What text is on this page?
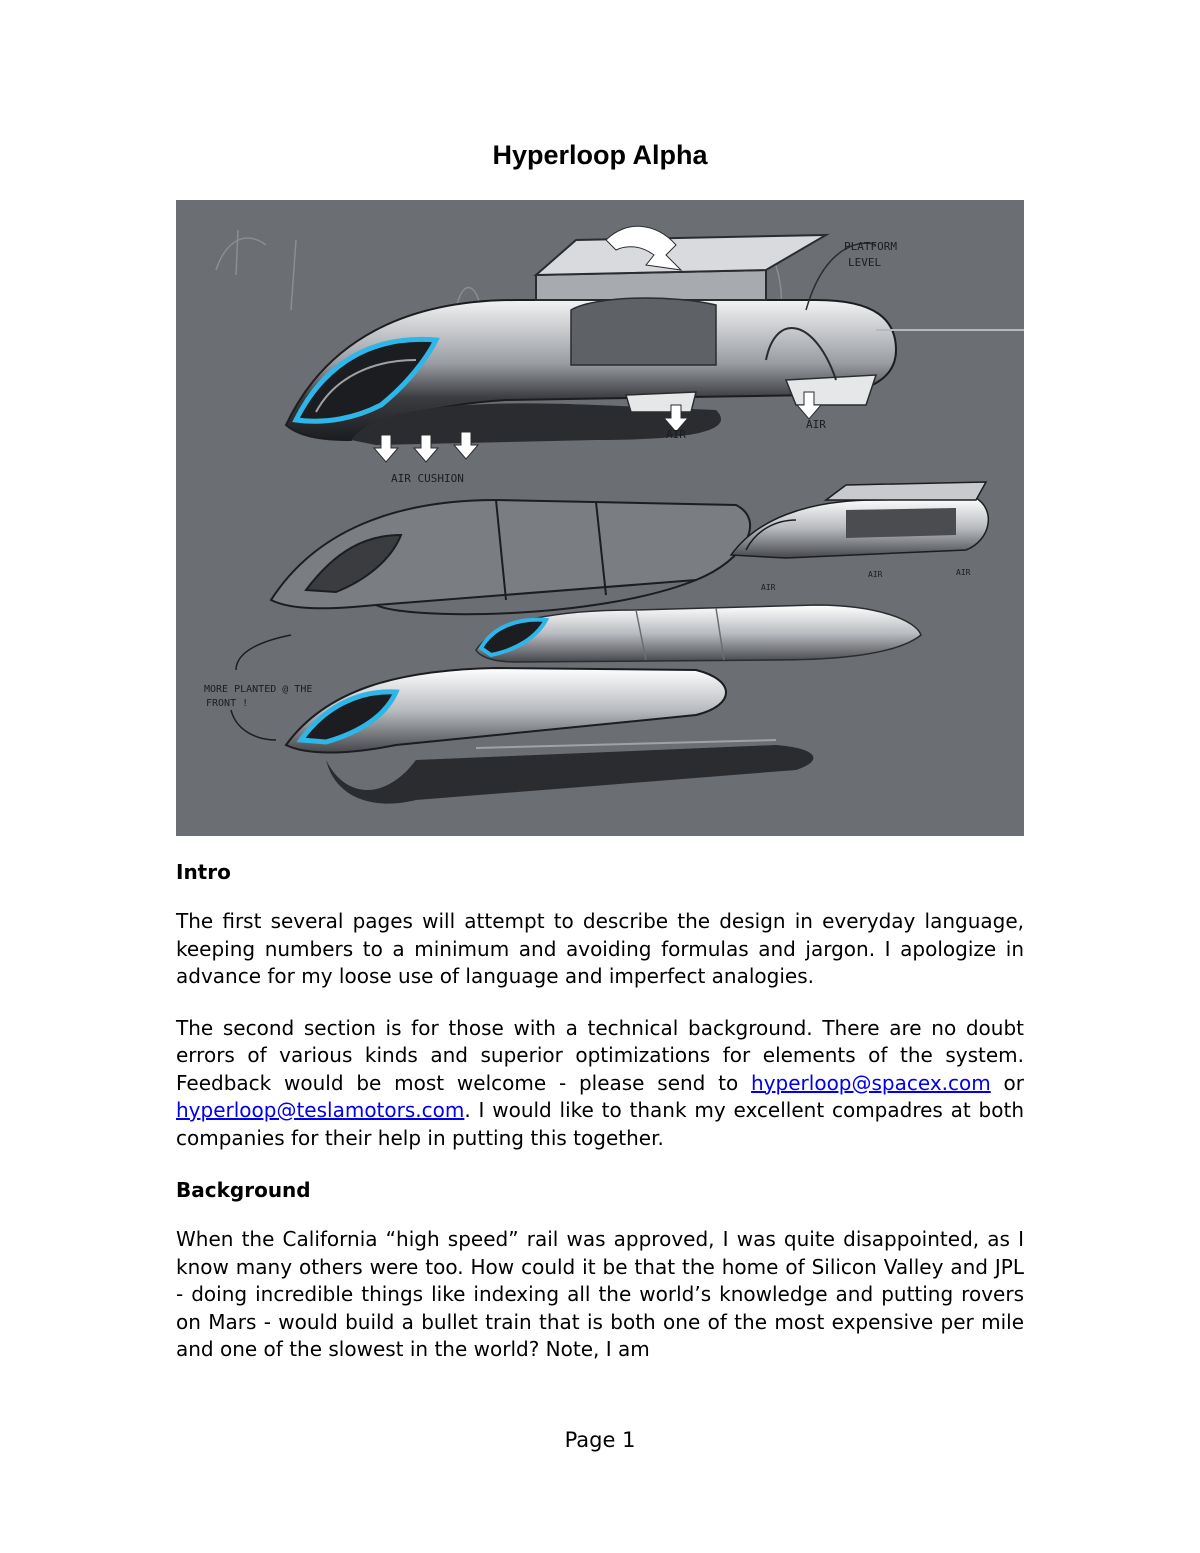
Hyperloop Alpha
PLATFORM
LEVEL
AIR CUSHION
AIR
AIR
AIR
AIR	AIR
MORE PLANTED @ THE
FRONT !
Intro

The first several pages will attempt to describe the design in everyday language, keeping numbers to a minimum and avoiding formulas and jargon. I apologize in advance for my loose use of language and imperfect analogies.

The second section is for those with a technical background. There are no doubt errors of various kinds and superior optimizations for elements of the system. Feedback would be most welcome - please send to hyperloop@spacex.com or hyperloop@teslamotors.com. I would like to thank my excellent compadres at both companies for their help in putting this together.

Background

When the California “high speed” rail was approved, I was quite disappointed, as I know many others were too. How could it be that the home of Silicon Valley and JPL - doing incredible things like indexing all the world’s knowledge and putting rovers on Mars - would build a bullet train that is both one of the most expensive per mile and one of the slowest in the world? Note, I am

Page 1
